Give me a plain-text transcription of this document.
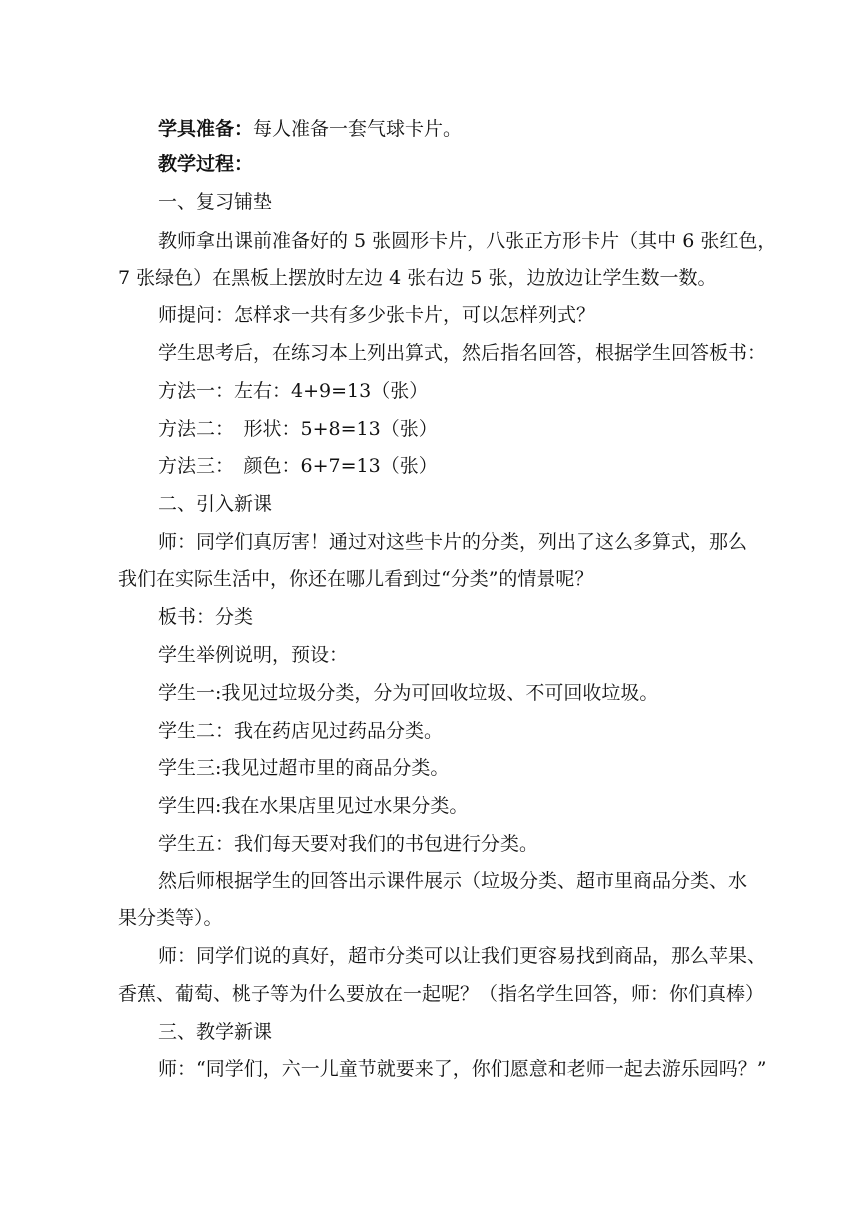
学具准备：每人准备一套气球卡片。
教学过程：
一、复习铺垫
教师拿出课前准备好的 5 张圆形卡片，八张正方形卡片（其中 6 张红色，
7 张绿色）在黑板上摆放时左边 4 张右边 5 张，边放边让学生数一数。
师提问：怎样求一共有多少张卡片，可以怎样列式？
学生思考后，在练习本上列出算式，然后指名回答，根据学生回答板书：
方法一：左右：4+9=13（张）
方法二：　形状：5+8=13（张）
方法三：　颜色：6+7=13（张）
二、引入新课
师：同学们真厉害！通过对这些卡片的分类，列出了这么多算式，那么
我们在实际生活中，你还在哪儿看到过“分类”的情景呢？
板书：分类
学生举例说明，预设：
学生一:我见过垃圾分类，分为可回收垃圾、不可回收垃圾。
学生二：我在药店见过药品分类。
学生三:我见过超市里的商品分类。
学生四:我在水果店里见过水果分类。
学生五：我们每天要对我们的书包进行分类。
然后师根据学生的回答出示课件展示（垃圾分类、超市里商品分类、水
果分类等）。
师：同学们说的真好，超市分类可以让我们更容易找到商品，那么苹果、
香蕉、葡萄、桃子等为什么要放在一起呢？（指名学生回答，师：你们真棒）
三、教学新课
师：“同学们，六一儿童节就要来了，你们愿意和老师一起去游乐园吗？”
